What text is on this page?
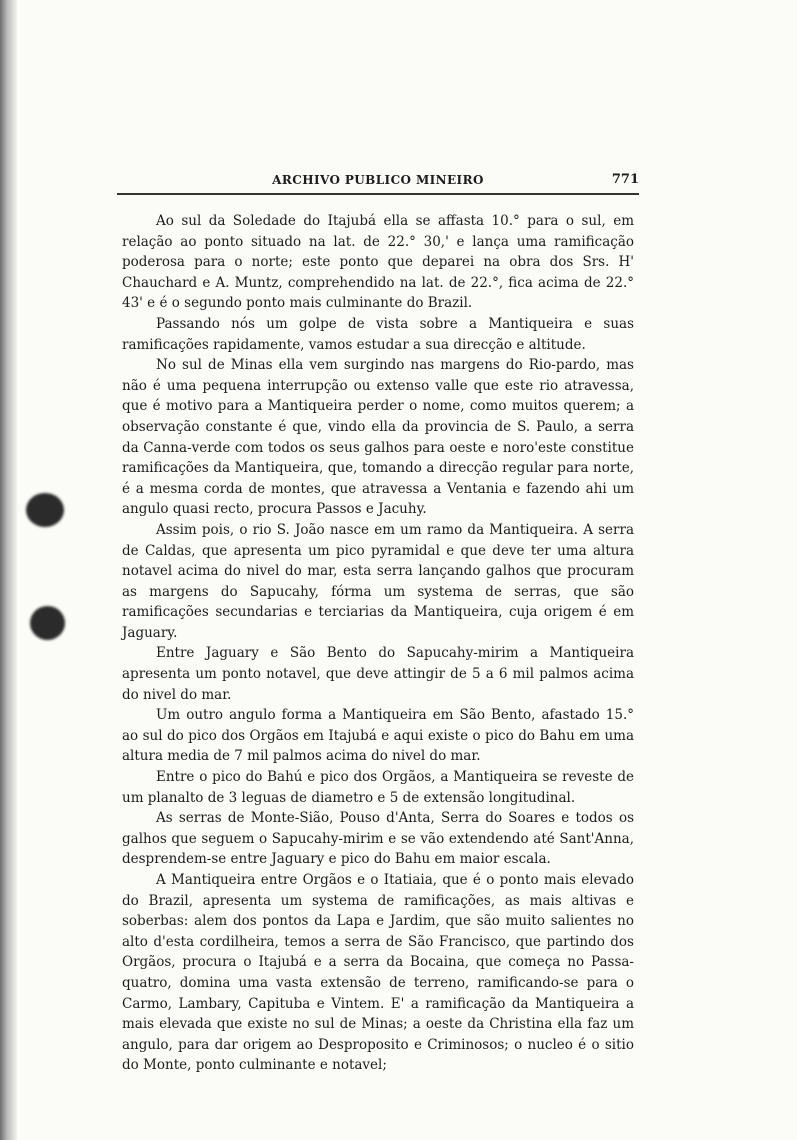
ARCHIVO PUBLICO MINEIRO	771

Ao sul da Soledade do Itajubá ella se affasta 10.° para o sul, em relação ao ponto situado na lat. de 22.° 30,' e lança uma ramificação poderosa para o norte; este ponto que deparei na obra dos Srs. H' Chauchard e A. Muntz, comprehendido na lat. de 22.°, fica acima de 22.° 43' e é o segundo ponto mais culminante do Brazil.

Passando nós um golpe de vista sobre a Mantiqueira e suas ramificações rapidamente, vamos estudar a sua direcção e altitude.

No sul de Minas ella vem surgindo nas margens do Rio-pardo, mas não é uma pequena interrupção ou extenso valle que este rio atravessa, que é motivo para a Mantiqueira perder o nome, como muitos querem; a observação constante é que, vindo ella da provincia de S. Paulo, a serra da Canna-verde com todos os seus galhos para oeste e noro'este constitue ramificações da Mantiqueira, que, tomando a direcção regular para norte, é a mesma corda de montes, que atravessa a Ventania e fazendo ahi um angulo quasi recto, procura Passos e Jacuhy.

Assim pois, o rio S. João nasce em um ramo da Mantiqueira. A serra de Caldas, que apresenta um pico pyramidal e que deve ter uma altura notavel acima do nivel do mar, esta serra lançando galhos que procuram as margens do Sapucahy, fórma um systema de serras, que são ramificações secundarias e terciarias da Mantiqueira, cuja origem é em Jaguary.

Entre Jaguary e São Bento do Sapucahy-mirim a Mantiqueira apresenta um ponto notavel, que deve attingir de 5 a 6 mil palmos acima do nivel do mar.

Um outro angulo forma a Mantiqueira em São Bento, afastado 15.° ao sul do pico dos Orgãos em Itajubá e aqui existe o pico do Bahu em uma altura media de 7 mil palmos acima do nivel do mar.

Entre o pico do Bahú e pico dos Orgãos, a Mantiqueira se reveste de um planalto de 3 leguas de diametro e 5 de extensão longitudinal.

As serras de Monte-Sião, Pouso d'Anta, Serra do Soares e todos os galhos que seguem o Sapucahy-mirim e se vão extendendo até Sant'Anna, desprendem-se entre Jaguary e pico do Bahu em maior escala.

A Mantiqueira entre Orgãos e o Itatiaia, que é o ponto mais elevado do Brazil, apresenta um systema de ramificações, as mais altivas e soberbas: alem dos pontos da Lapa e Jardim, que são muito salientes no alto d'esta cordilheira, temos a serra de São Francisco, que partindo dos Orgãos, procura o Itajubá e a serra da Bocaina, que começa no Passa-quatro, domina uma vasta extensão de terreno, ramificando-se para o Carmo, Lambary, Capituba e Vintem. E' a ramificação da Mantiqueira a mais elevada que existe no sul de Minas; a oeste da Christina ella faz um angulo, para dar origem ao Desproposito e Criminosos; o nucleo é o sitio do Monte, ponto culminante e notavel;
